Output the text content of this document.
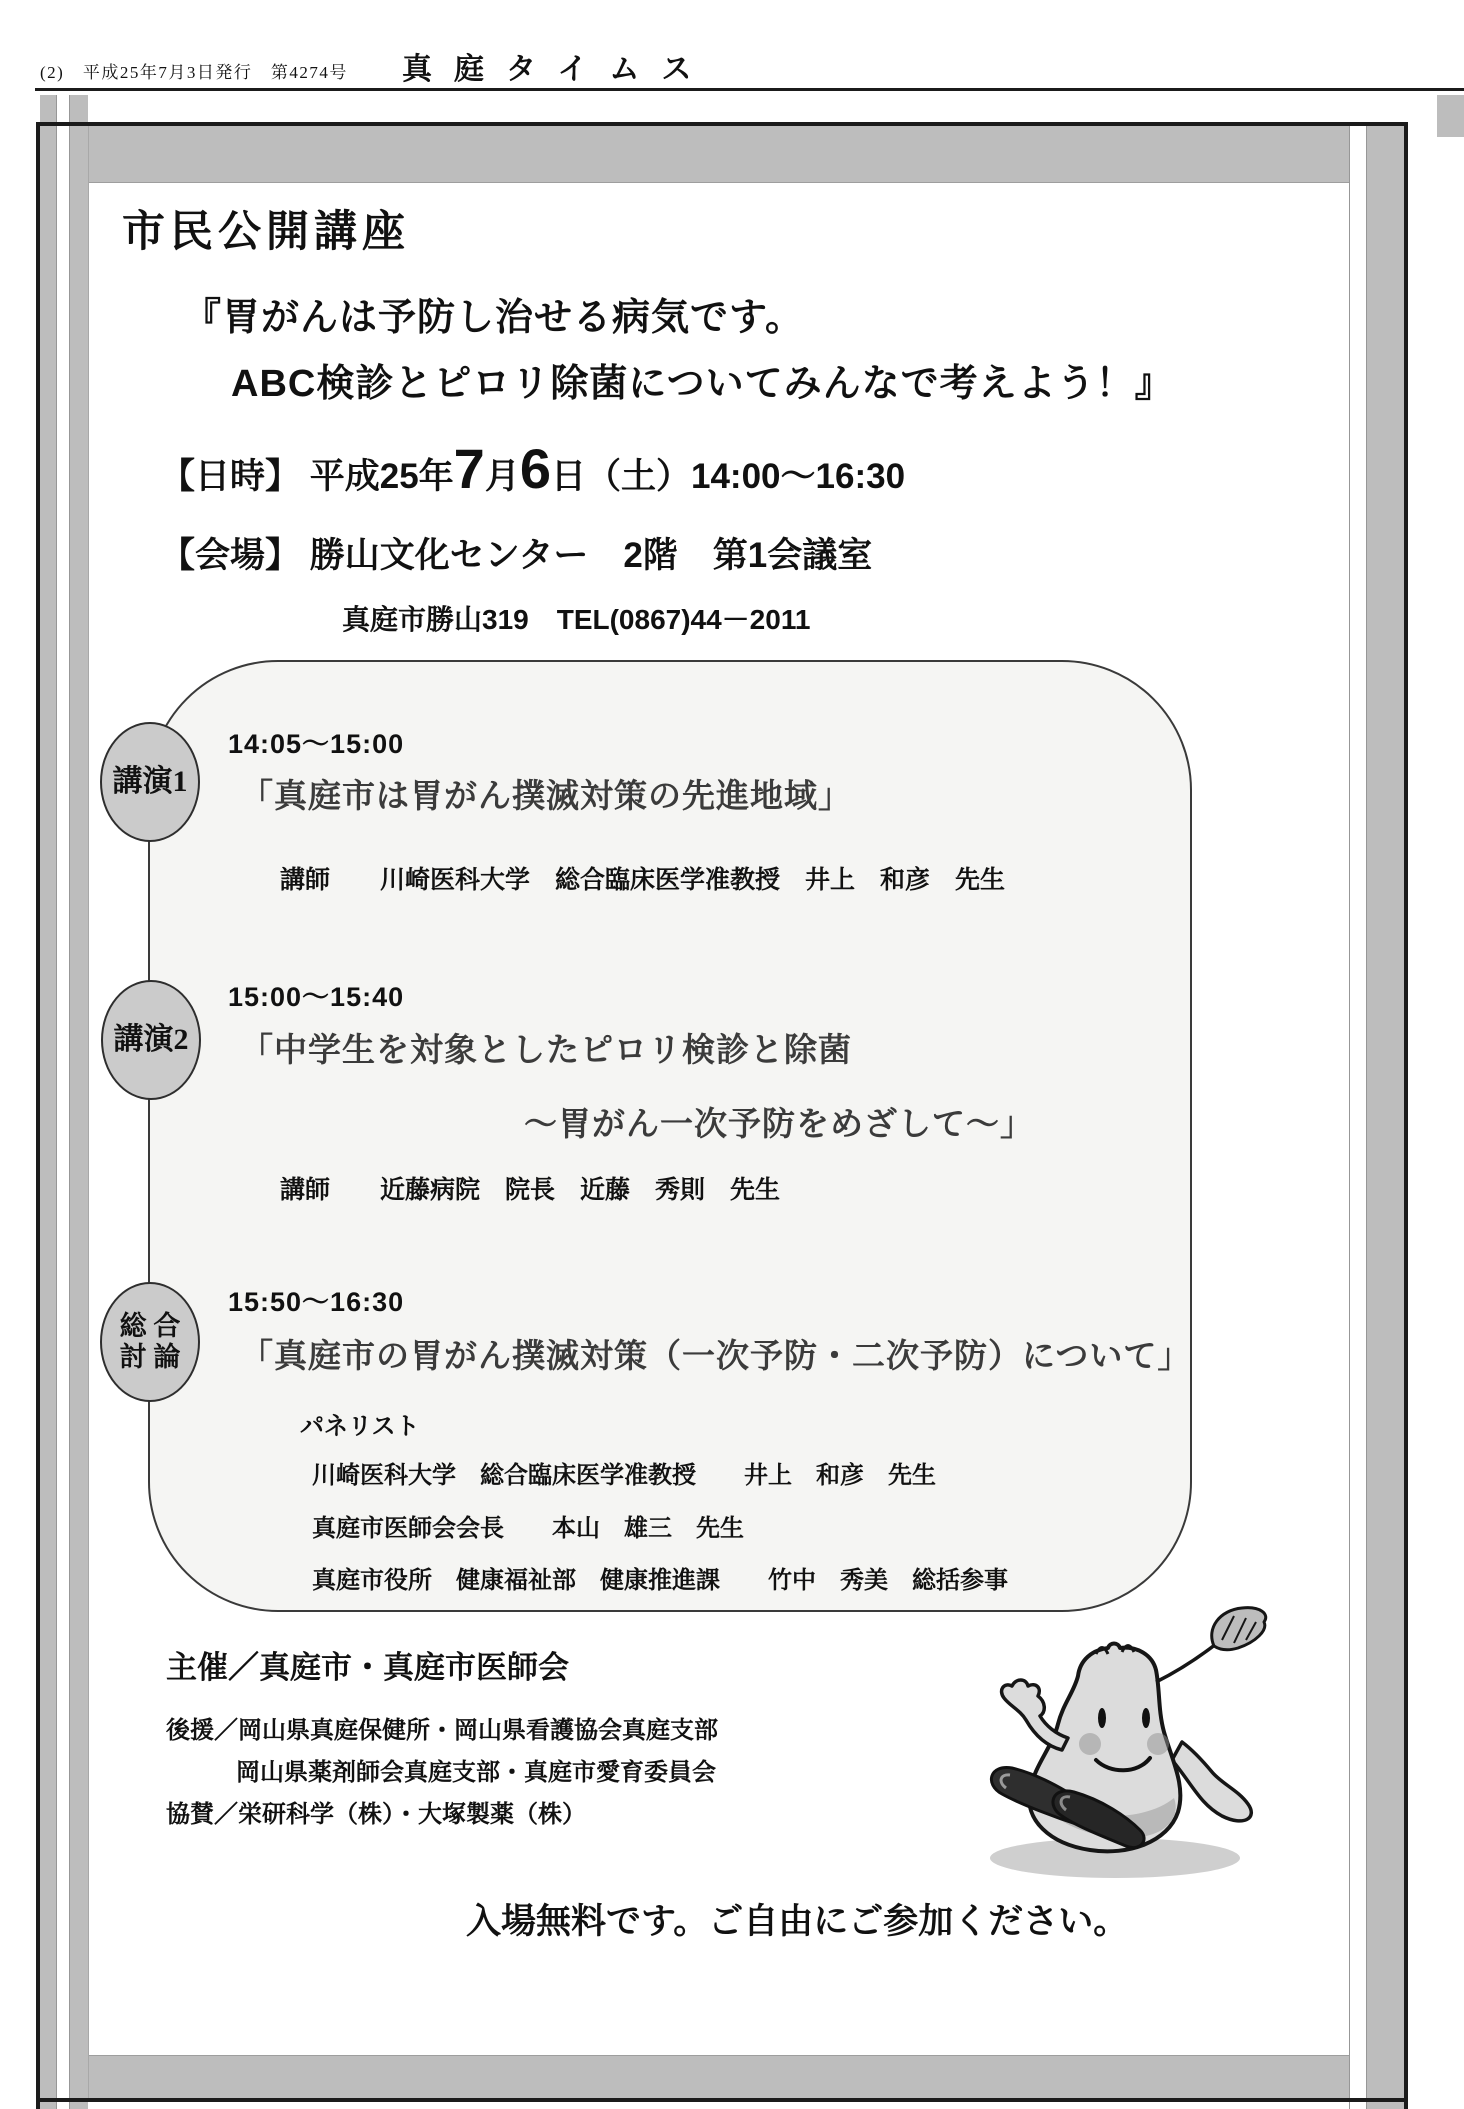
(2)　平成25年7月3日発行　第4274号 真庭タイムス
市民公開講座
『胃がんは予防し治せる病気です。
ABC検診とピロリ除菌についてみんなで考えよう！』
【日時】 平成25年7月6日（土）14:00〜16:30
【会場】 勝山文化センター　2階　第1会議室
真庭市勝山319　TEL(0867)44－2011
講演1
14:05〜15:00
「真庭市は胃がん撲滅対策の先進地域」
講師　　川崎医科大学　総合臨床医学准教授　井上　和彦　先生
講演2
15:00〜15:40
「中学生を対象としたピロリ検診と除菌
〜胃がん一次予防をめざして〜」
講師　　近藤病院　院長　近藤　秀則　先生
総 合
討 論
15:50〜16:30
「真庭市の胃がん撲滅対策（一次予防・二次予防）について」
パネリスト
川崎医科大学　総合臨床医学准教授　　井上　和彦　先生
真庭市医師会会長　　本山　雄三　先生
真庭市役所　健康福祉部　健康推進課　　竹中　秀美　総括参事
主催／真庭市・真庭市医師会
後援／岡山県真庭保健所・岡山県看護協会真庭支部
岡山県薬剤師会真庭支部・真庭市愛育委員会
協賛／栄研科学（株）・大塚製薬（株）
入場無料です。ご自由にご参加ください。
